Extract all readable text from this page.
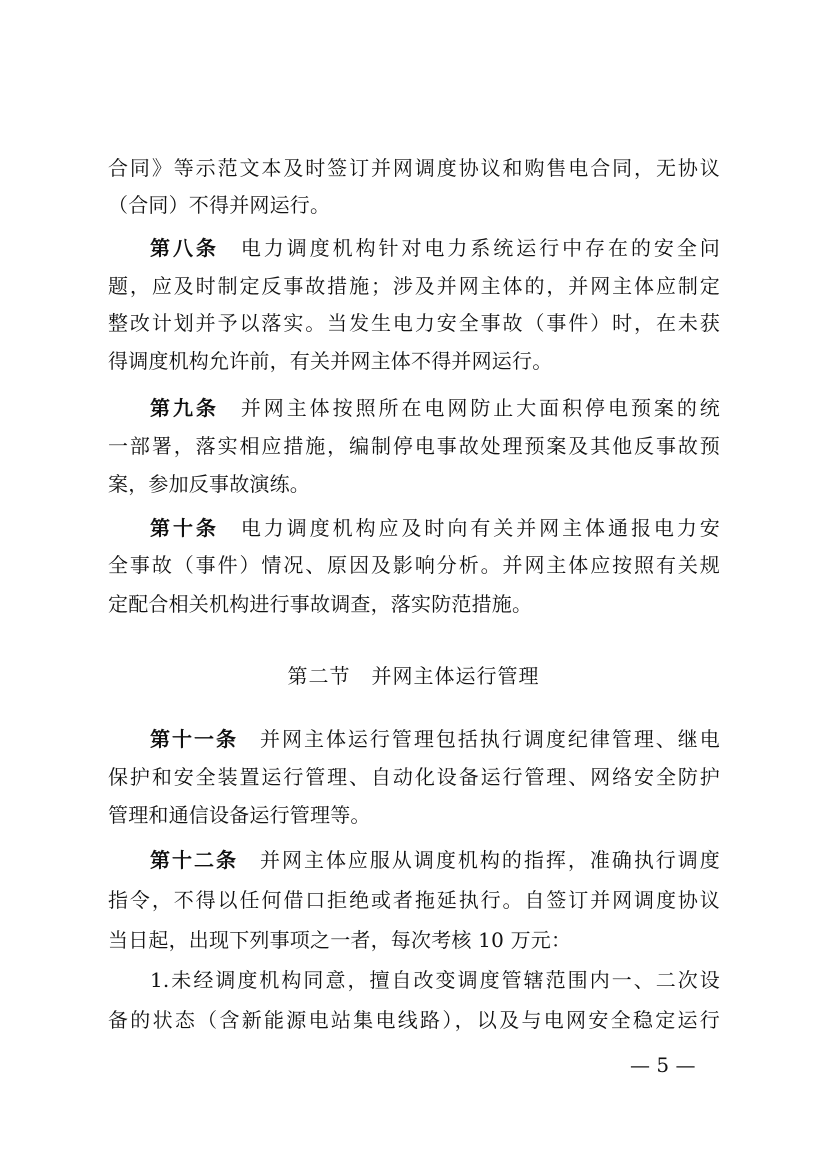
合同》等示范文本及时签订并网调度协议和购售电合同，无协议
（合同）不得并网运行。
第八条 电力调度机构针对电力系统运行中存在的安全问
题，应及时制定反事故措施；涉及并网主体的，并网主体应制定
整改计划并予以落实。当发生电力安全事故（事件）时，在未获
得调度机构允许前，有关并网主体不得并网运行。
第九条 并网主体按照所在电网防止大面积停电预案的统
一部署，落实相应措施，编制停电事故处理预案及其他反事故预
案，参加反事故演练。
第十条 电力调度机构应及时向有关并网主体通报电力安
全事故（事件）情况、原因及影响分析。并网主体应按照有关规
定配合相关机构进行事故调查，落实防范措施。
第二节　并网主体运行管理
第十一条 并网主体运行管理包括执行调度纪律管理、继电
保护和安全装置运行管理、自动化设备运行管理、网络安全防护
管理和通信设备运行管理等。
第十二条 并网主体应服从调度机构的指挥，准确执行调度
指令，不得以任何借口拒绝或者拖延执行。自签订并网调度协议
当日起，出现下列事项之一者，每次考核 10 万元：
1.未经调度机构同意，擅自改变调度管辖范围内一、二次设
备的状态（含新能源电站集电线路），以及与电网安全稳定运行
— 5 —
